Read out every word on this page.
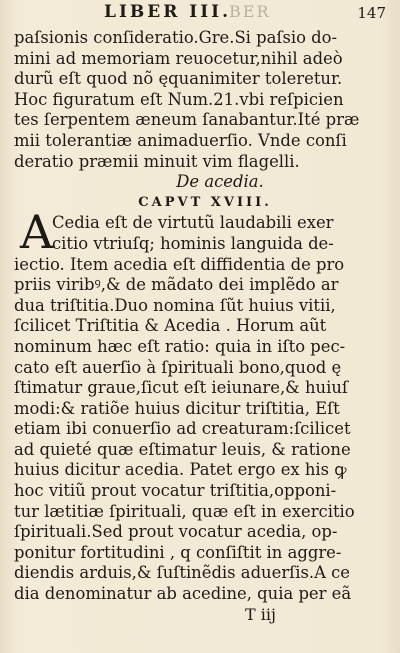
LIBER III.
BER	147
paſsionis conſideratio.Gre.Si paſsio do-
mini ad memoriam reuocetur,nihil adeò
durũ eſt quod nõ ęquanimiter toleretur.
Hoc figuratum eſt Num.21.vbi reſpicien
tes ſerpentem æneum ſanabantur.Ité præ
mii tolerantiæ animaduerſio. Vnde conſi
deratio præmii minuit vim flagelli.
De acedia.
CAPVT XVIII.
A
Cedia eſt de virtutũ laudabili exer
citio vtriuſq; hominis languida de-
iectio. Item acedia eſt diffidentia de pro
priis viribꝰ,& de mãdato dei implẽdo ar
dua triſtitia.Duo nomina ſũt huius vitii,
ſcilicet Triſtitia & Acedia . Horum aũt
nominum hæc eſt ratio: quia in iſto pec-
cato eſt auerſio à ſpirituali bono,quod ę
ſtimatur graue,ſicut eſt ieiunare,& huiuſ
modi:& ratiõe huius dicitur triſtitia, Eſt
etiam ibi conuerſio ad creaturam:ſcilicet
ad quieté quæ eſtimatur leuis, & ratione
huius dicitur acedia. Patet ergo ex his ꝙ
hoc vitiũ prout vocatur triſtitia,opponi-
tur lætitiæ ſpirituali, quæ eſt in exercitio
ſpirituali.Sed prout vocatur acedia, op-
ponitur fortitudini , q conſiſtit in aggre-
diendis arduis,& ſuſtinẽdis aduerſis.A ce
dia denominatur ab acedine, quia per eã
T iij
